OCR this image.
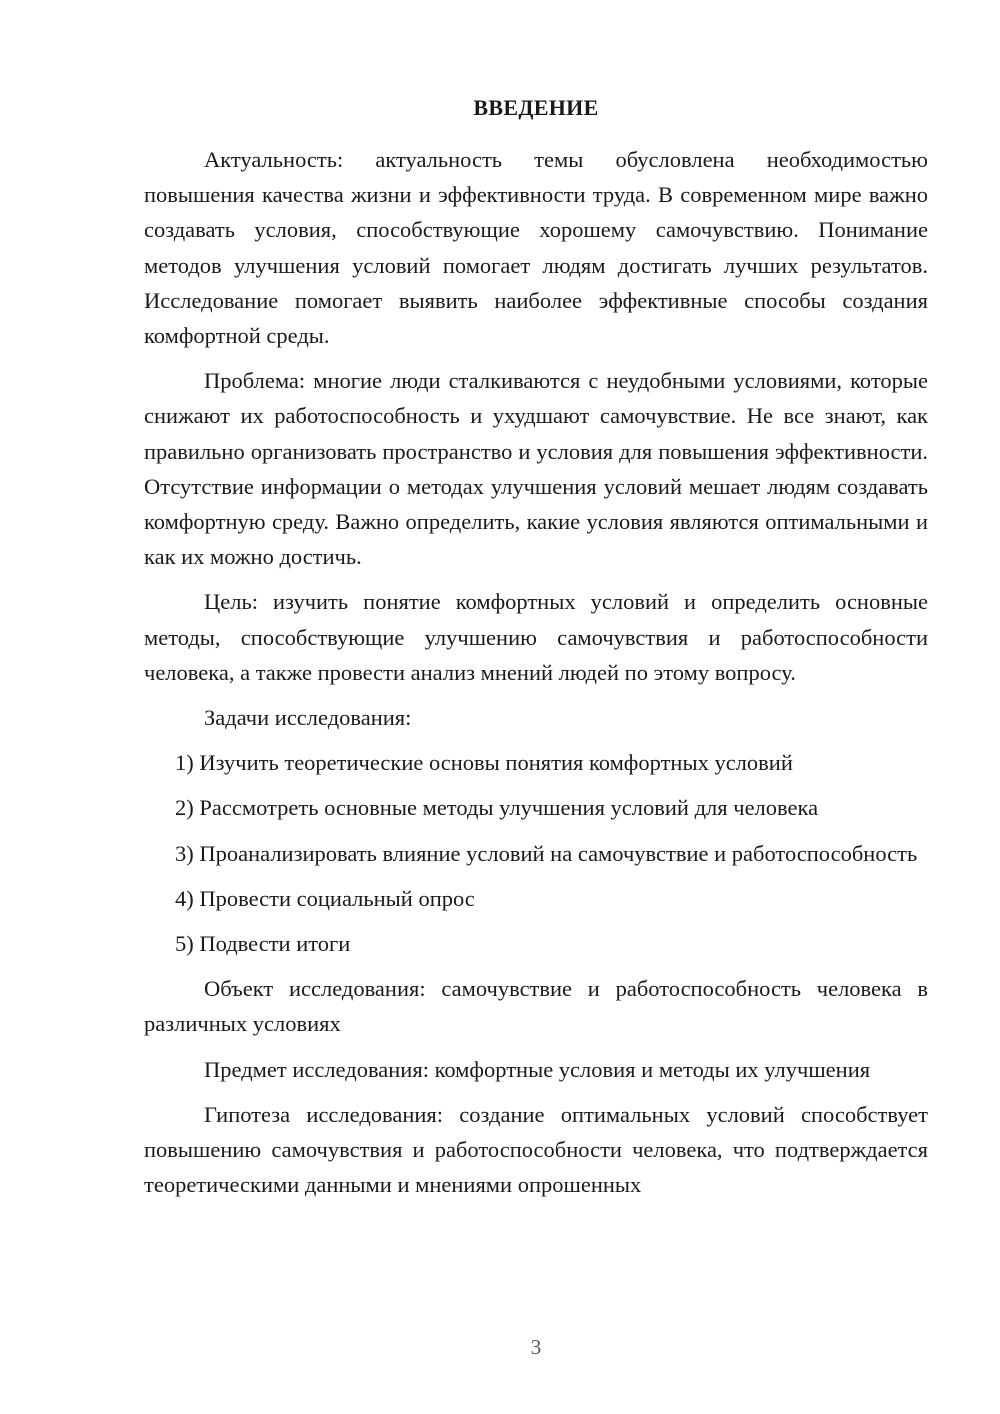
ВВЕДЕНИЕ

Актуальность: актуальность темы обусловлена необходимостью повышения качества жизни и эффективности труда. В современном мире важно создавать условия, способствующие хорошему самочувствию. Понимание методов улучшения условий помогает людям достигать лучших результатов. Исследование помогает выявить наиболее эффективные способы создания комфортной среды.

Проблема: многие люди сталкиваются с неудобными условиями, которые снижают их работоспособность и ухудшают самочувствие. Не все знают, как правильно организовать пространство и условия для повышения эффективности. Отсутствие информации о методах улучшения условий мешает людям создавать комфортную среду. Важно определить, какие условия являются оптимальными и как их можно достичь.

Цель: изучить понятие комфортных условий и определить основные методы, способствующие улучшению самочувствия и работоспособности человека, а также провести анализ мнений людей по этому вопросу.

Задачи исследования:

1) Изучить теоретические основы понятия комфортных условий

2) Рассмотреть основные методы улучшения условий для человека

3) Проанализировать влияние условий на самочувствие и работоспособность

4) Провести социальный опрос

5) Подвести итоги

Объект исследования: самочувствие и работоспособность человека в различных условиях

Предмет исследования: комфортные условия и методы их улучшения

Гипотеза исследования: создание оптимальных условий способствует повышению самочувствия и работоспособности человека, что подтверждается теоретическими данными и мнениями опрошенных

3
